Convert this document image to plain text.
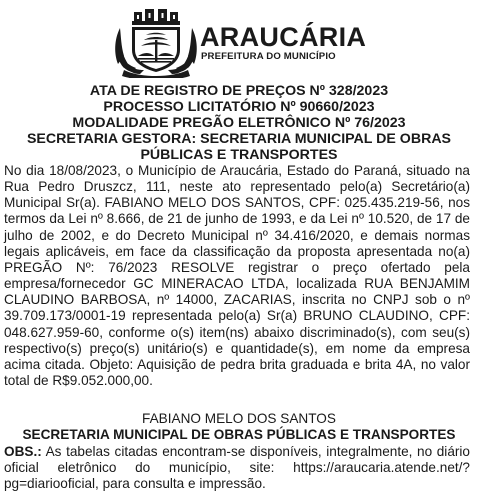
ARAUCÁRIA
PREFEITURA DO MUNICÍPIO
ATA DE REGISTRO DE PREÇOS Nº 328/2023
PROCESSO LICITATÓRIO Nº 90660/2023
MODALIDADE PREGÃO ELETRÔNICO Nº 76/2023
SECRETARIA GESTORA: SECRETARIA MUNICIPAL DE OBRAS
PÚBLICAS E TRANSPORTES
No dia 18/08/2023, o Município de Araucária, Estado do Paraná, situado na Rua Pedro Druszcz, 111, neste ato representado pelo(a) Secretário(a) Municipal Sr(a). FABIANO MELO DOS SANTOS, CPF: 025.435.219-56, nos termos da Lei nº 8.666, de 21 de junho de 1993, e da Lei nº 10.520, de 17 de julho de 2002, e do Decreto Municipal nº 34.416/2020, e demais normas legais aplicáveis, em face da classificação da proposta apresentada no(a) PREGÃO Nº: 76/2023 RESOLVE registrar o preço ofertado pela empresa/fornecedor GC MINERACAO LTDA, localizada RUA BENJAMIM CLAUDINO BARBOSA, nº 14000, ZACARIAS, inscrita no CNPJ sob o nº 39.709.173/0001-19 representada pelo(a) Sr(a) BRUNO CLAUDINO, CPF: 048.627.959-60, conforme o(s) item(ns) abaixo discriminado(s), com seu(s) respectivo(s) preço(s) unitário(s) e quantidade(s), em nome da empresa acima citada. Objeto: Aquisição de pedra brita graduada e brita 4A, no valor total de R$9.052.000,00.
FABIANO MELO DOS SANTOS
SECRETARIA MUNICIPAL DE OBRAS PÚBLICAS E TRANSPORTES
OBS.: As tabelas citadas encontram-se disponíveis, integralmente, no diário oficial eletrônico do município, site: https://araucaria.atende.net/?pg=diariooficial, para consulta e impressão.
